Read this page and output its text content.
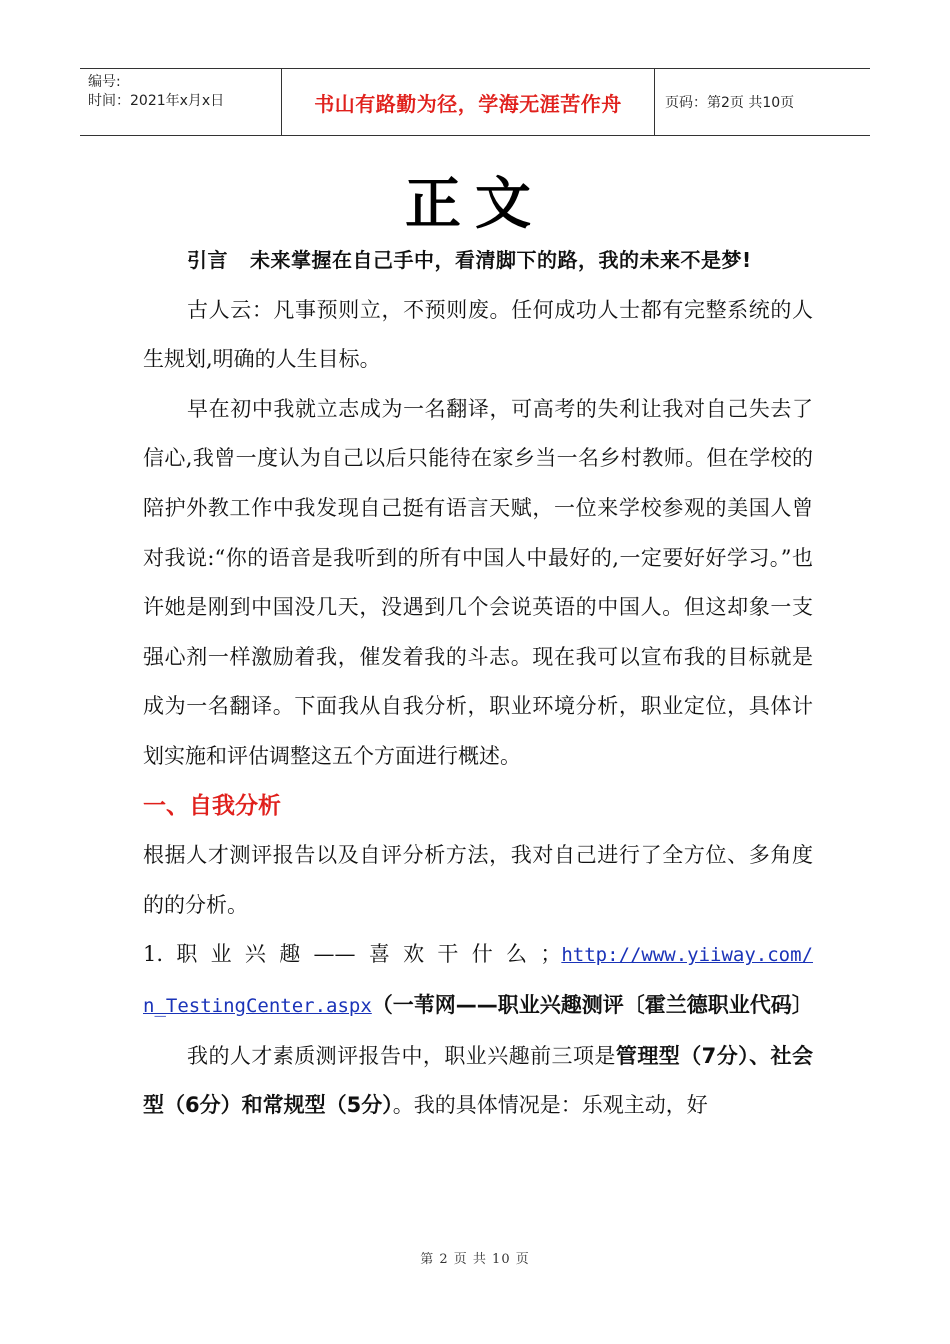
编号:
时间：2021年x月x日	书山有路勤为径，学海无涯苦作舟	页码：第2页 共10页
正文

引言 未来掌握在自己手中，看清脚下的路，我的未来不是梦!

古人云：凡事预则立，不预则废。任何成功人士都有完整系统的人生规划,明确的人生目标。

早在初中我就立志成为一名翻译，可高考的失利让我对自己失去了信心,我曾一度认为自己以后只能待在家乡当一名乡村教师。但在学校的陪护外教工作中我发现自己挺有语言天赋，一位来学校参观的美国人曾对我说:“你的语音是我听到的所有中国人中最好的,一定要好好学习。”也许她是刚到中国没几天，没遇到几个会说英语的中国人。但这却象一支强心剂一样激励着我，催发着我的斗志。现在我可以宣布我的目标就是成为一名翻译。下面我从自我分析，职业环境分析，职业定位，具体计划实施和评估调整这五个方面进行概述。

一、自我分析

根据人才测评报告以及自评分析方法，我对自己进行了全方位、多角度的的分析。

1.职业兴趣——喜欢干什么；http://www.yiiway.com/

n_TestingCenter.aspx（一苇网——职业兴趣测评〔霍兰德职业代码〕

我的人才素质测评报告中，职业兴趣前三项是管理型（7分）、社会型（6分）和常规型（5分）。我的具体情况是：乐观主动，好

第 2 页 共 10 页
